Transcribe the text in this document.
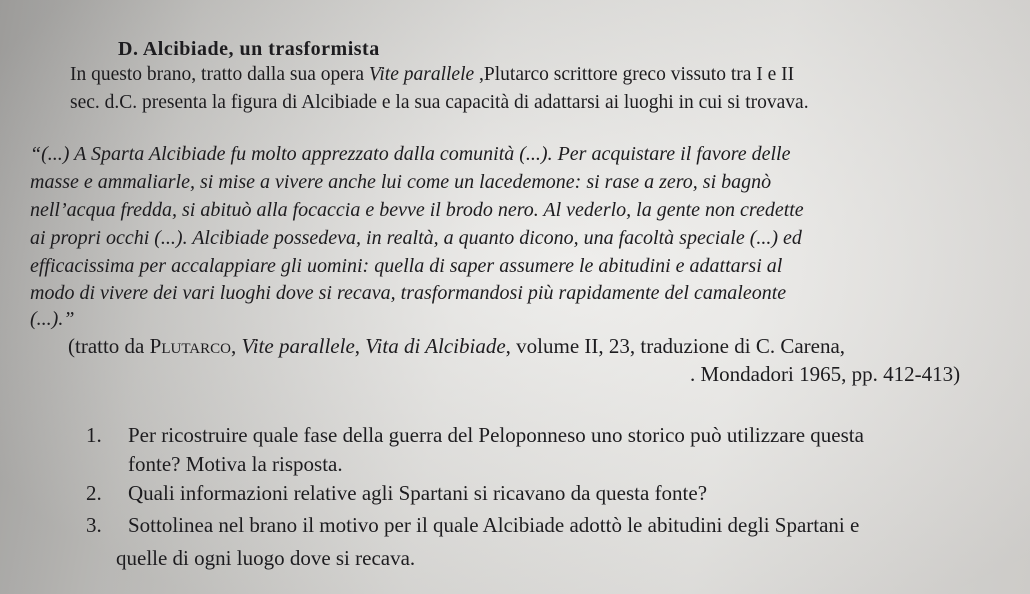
D. Alcibiade, un trasformista
In questo brano, tratto dalla sua opera Vite parallele ,Plutarco scrittore greco vissuto tra I e II
sec. d.C. presenta la figura di Alcibiade e la sua capacità di adattarsi ai luoghi in cui si trovava.
“(...) A Sparta Alcibiade fu molto apprezzato dalla comunità (...). Per acquistare il favore delle
masse e ammaliarle, si mise a vivere anche lui come un lacedemone: si rase a zero, si bagnò
nell’acqua fredda, si abituò alla focaccia e bevve il brodo nero. Al vederlo, la gente non credette
ai propri occhi (...). Alcibiade possedeva, in realtà, a quanto dicono, una facoltà speciale (...) ed
efficacissima per accalappiare gli uomini: quella di saper assumere le abitudini e adattarsi al
modo di vivere dei vari luoghi dove si recava, trasformandosi più rapidamente del camaleonte
(...).”
(tratto da Plutarco, Vite parallele, Vita di Alcibiade, volume II, 23, traduzione di C. Carena,
. Mondadori 1965, pp. 412-413)
1. Per ricostruire quale fase della guerra del Peloponneso uno storico può utilizzare questa
fonte? Motiva la risposta.
2. Quali informazioni relative agli Spartani si ricavano da questa fonte?
3. Sottolinea nel brano il motivo per il quale Alcibiade adottò le abitudini degli Spartani e
quelle di ogni luogo dove si recava.
